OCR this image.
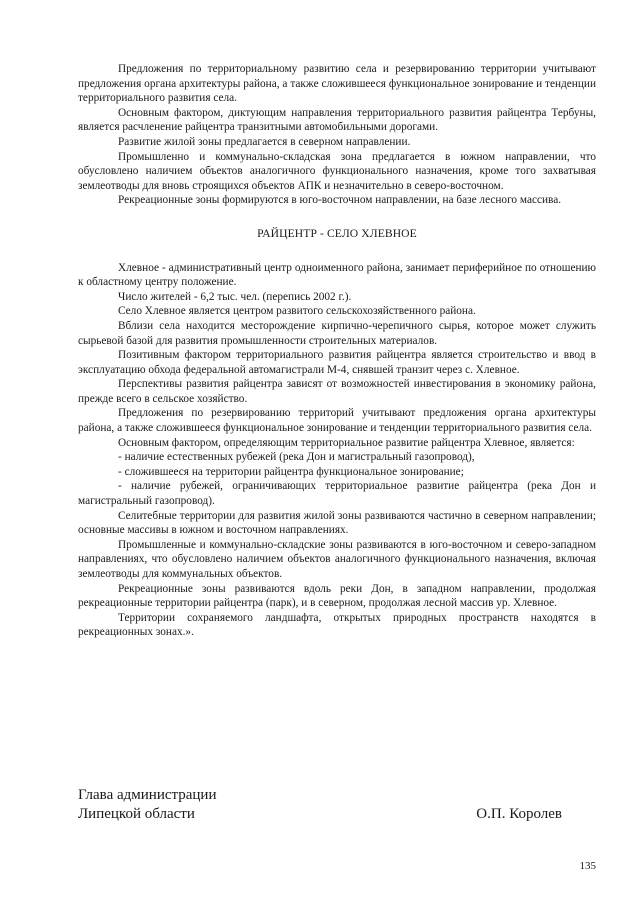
Предложения по территориальному развитию села и резервированию территории учитывают предложения органа архитектуры района, а также сложившееся функциональное зонирование и тенденции территориального развития села.

Основным фактором, диктующим направления территориального развития райцентра Тербуны, является расчленение райцентра транзитными автомобильными дорогами.

Развитие жилой зоны предлагается в северном направлении.

Промышленно и коммунально-складская зона предлагается в южном направлении, что обусловлено наличием объектов аналогичного функционального назначения, кроме того захватывая землеотводы для вновь строящихся объектов АПК и незначительно в северо-восточном.

Рекреационные зоны формируются в юго-восточном направлении, на базе лесного массива.

РАЙЦЕНТР - СЕЛО ХЛЕВНОЕ

Хлевное - административный центр одноименного района, занимает периферийное по отношению к областному центру положение.

Число жителей - 6,2 тыс. чел. (перепись 2002 г.).

Село Хлевное является центром развитого сельскохозяйственного района.

Вблизи села находится месторождение кирпично-черепичного сырья, которое может служить сырьевой базой для развития промышленности строительных материалов.

Позитивным фактором территориального развития райцентра является строительство и ввод в эксплуатацию обхода федеральной автомагистрали М-4, снявшей транзит через с. Хлевное.

Перспективы развития райцентра зависят от возможностей инвестирования в экономику района, прежде всего в сельское хозяйство.

Предложения по резервированию территорий учитывают предложения органа архитектуры района, а также сложившееся функциональное зонирование и тенденции территориального развития села.

Основным фактором, определяющим территориальное развитие райцентра Хлевное, является:

- наличие естественных рубежей (река Дон и магистральный газопровод),

- сложившееся на территории райцентра функциональное зонирование;

- наличие рубежей, ограничивающих территориальное развитие райцентра (река Дон и магистральный газопровод).

Селитебные территории для развития жилой зоны развиваются частично в северном направлении; основные массивы в южном и восточном направлениях.

Промышленные и коммунально-складские зоны развиваются в юго-восточном и северо-западном направлениях, что обусловлено наличием объектов аналогичного функционального назначения, включая землеотводы для коммунальных объектов.

Рекреационные зоны развиваются вдоль реки Дон, в западном направлении, продолжая рекреационные территории райцентра (парк), и в северном, продолжая лесной массив ур. Хлевное.

Территории сохраняемого ландшафта, открытых природных пространств находятся в рекреационных зонах.».

Глава администрации
Липецкой области	О.П. Королев
135
